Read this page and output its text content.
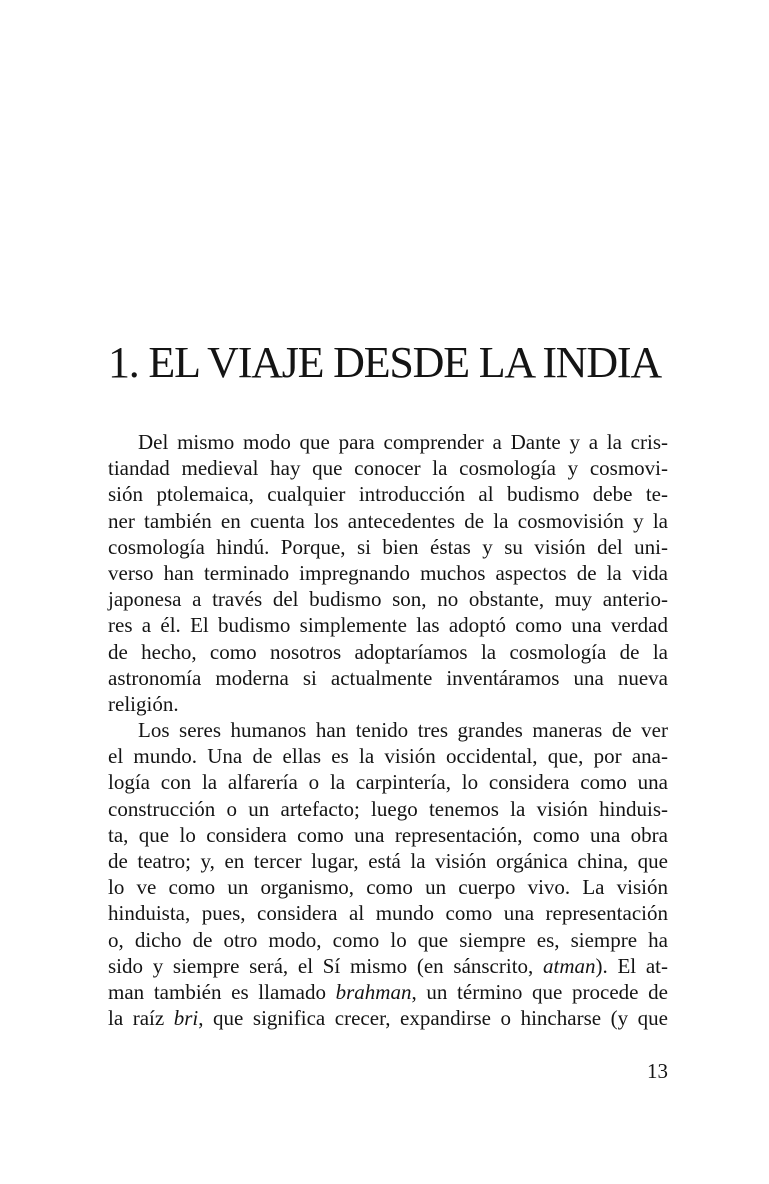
1. EL VIAJE DESDE LA INDIA
Del mismo modo que para comprender a Dante y a la cris-
tiandad medieval hay que conocer la cosmología y cosmovi-
sión ptolemaica, cualquier introducción al budismo debe te-
ner también en cuenta los antecedentes de la cosmovisión y la
cosmología hindú. Porque, si bien éstas y su visión del uni-
verso han terminado impregnando muchos aspectos de la vida
japonesa a través del budismo son, no obstante, muy anterio-
res a él. El budismo simplemente las adoptó como una verdad
de hecho, como nosotros adoptaríamos la cosmología de la
astronomía moderna si actualmente inventáramos una nueva
religión.
Los seres humanos han tenido tres grandes maneras de ver
el mundo. Una de ellas es la visión occidental, que, por ana-
logía con la alfarería o la carpintería, lo considera como una
construcción o un artefacto; luego tenemos la visión hinduis-
ta, que lo considera como una representación, como una obra
de teatro; y, en tercer lugar, está la visión orgánica china, que
lo ve como un organismo, como un cuerpo vivo. La visión
hinduista, pues, considera al mundo como una representación
o, dicho de otro modo, como lo que siempre es, siempre ha
sido y siempre será, el Sí mismo (en sánscrito, atman). El at-
man también es llamado brahman, un término que procede de
la raíz bri, que significa crecer, expandirse o hincharse (y que
13
